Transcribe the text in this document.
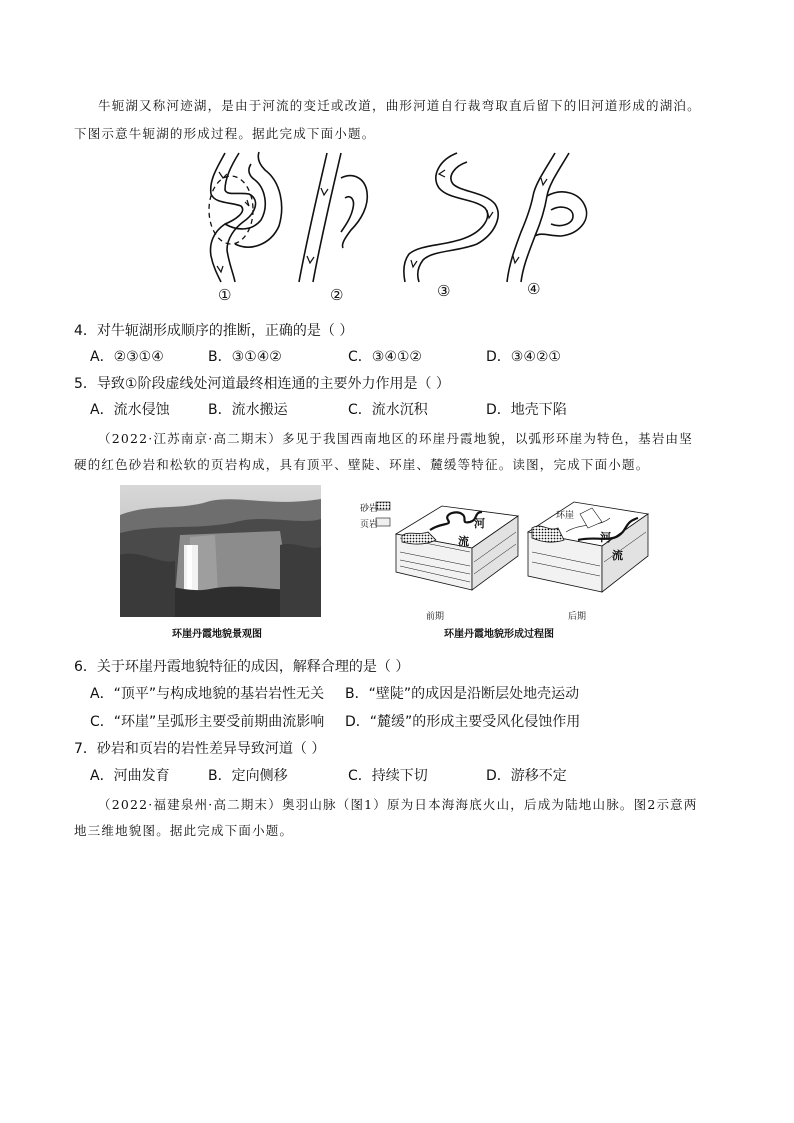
牛轭湖又称河迹湖，是由于河流的变迁或改道，曲形河道自行裁弯取直后留下的旧河道形成的湖泊。
下图示意牛轭湖的形成过程。据此完成下面小题。
①	②	③	④
4．对牛轭湖形成顺序的推断，正确的是（ ）
A．②③①④	B．③①④②	C．③④①②	D．③④②①
5．导致①阶段虚线处河道最终相连通的主要外力作用是（ ）
A．流水侵蚀	B．流水搬运	C．流水沉积	D．地壳下陷
（2022·江苏南京·高二期末）多见于我国西南地区的环崖丹霞地貌，以弧形环崖为特色，基岩由坚
硬的红色砂岩和松软的页岩构成，具有顶平、壁陡、环崖、麓缓等特征。读图，完成下面小题。
环崖丹霞地貌景观图
砂岩
页岩	河
流
环崖
河
流
前期	后期
环崖丹霞地貌形成过程图
6．关于环崖丹霞地貌特征的成因，解释合理的是（ ）
A．“顶平”与构成地貌的基岩岩性无关 B．“壁陡”的成因是沿断层处地壳运动
C．“环崖”呈弧形主要受前期曲流影响 D．“麓缓”的形成主要受风化侵蚀作用
7．砂岩和页岩的岩性差异导致河道（ ）
A．河曲发育	B．定向侧移	C．持续下切	D．游移不定
（2022·福建泉州·高二期末）奥羽山脉（图1）原为日本海海底火山，后成为陆地山脉。图2示意两
地三维地貌图。据此完成下面小题。
